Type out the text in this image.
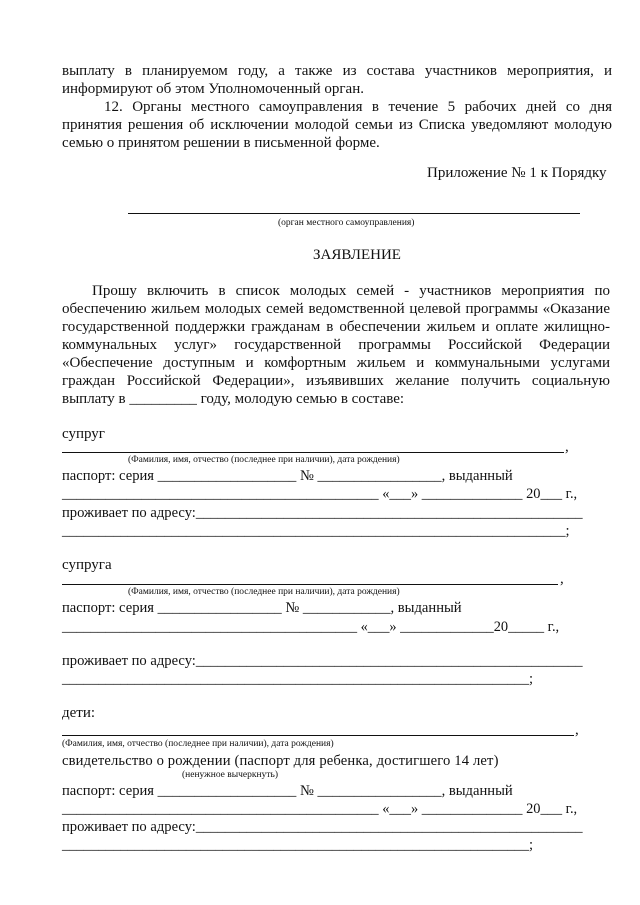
выплату в планируемом году, а также из состава участников мероприятия, и
информируют об этом Уполномоченный орган.
12. Органы местного самоуправления в течение 5 рабочих дней со дня
принятия решения об исключении молодой семьи из Списка уведомляют молодую
семью о принятом решении в письменной форме.
Приложение № 1 к Порядку
(орган местного самоуправления)
ЗАЯВЛЕНИЕ
Прошу включить в список молодых семей - участников мероприятия по
обеспечению жильем молодых семей ведомственной целевой программы «Оказание
государственной поддержки гражданам в обеспечении жильем и оплате жилищно-
коммунальных услуг» государственной программы Российской Федерации
«Обеспечение доступным и комфортным жильем и коммунальными услугами
граждан Российской Федерации», изъявивших желание получить социальную
выплату в _________ году, молодую семью в составе:
супруг
,
(Фамилия, имя, отчество (последнее при наличии), дата рождения)
паспорт: серия ___________________ № _________________, выданный
____________________________________________ «___» ______________ 20___ г.,
проживает по адресу:_____________________________________________________
_____________________________________________________________________;
супруга
,
(Фамилия, имя, отчество (последнее при наличии), дата рождения)
паспорт: серия _________________ № ____________, выданный
_________________________________________ «___» _____________20_____ г.,
проживает по адресу:_____________________________________________________
________________________________________________________________;
дети:
,
(Фамилия, имя, отчество (последнее при наличии), дата рождения)
свидетельство о рождении (паспорт для ребенка, достигшего 14 лет)
(ненужное вычеркнуть)
паспорт: серия ___________________ № _________________, выданный
____________________________________________ «___» ______________ 20___ г.,
проживает по адресу:_____________________________________________________
________________________________________________________________;
